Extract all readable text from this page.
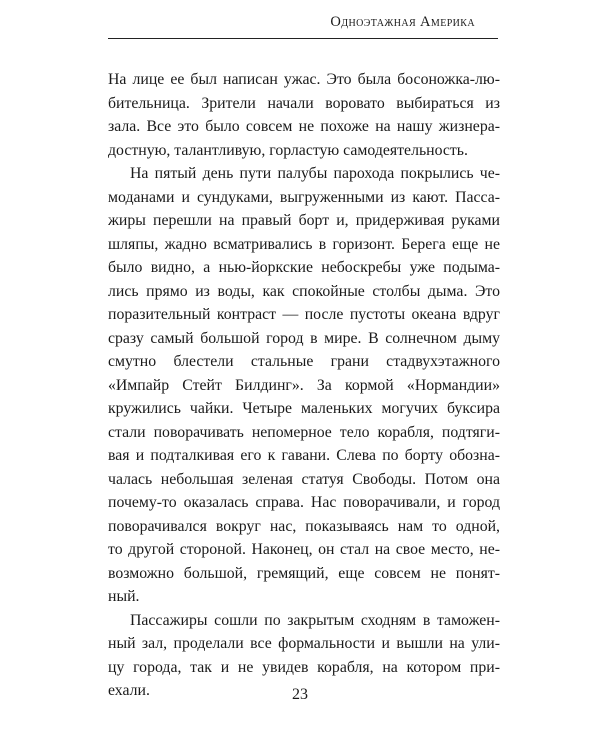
Одноэтажная Америка
На лице ее был написан ужас. Это была босоножка-лю-
бительница. Зрители начали воровато выбираться из
зала. Все это было совсем не похоже на нашу жизнера-
достную, талантливую, горластую самодеятельность.
На пятый день пути палубы парохода покрылись че-
моданами и сундуками, выгруженными из кают. Пасса-
жиры перешли на правый борт и, придерживая руками
шляпы, жадно всматривались в горизонт. Берега еще не
было видно, а нью-йоркские небоскребы уже подыма-
лись прямо из воды, как спокойные столбы дыма. Это
поразительный контраст — после пустоты океана вдруг
сразу самый большой город в мире. В солнечном дыму
смутно блестели стальные грани стадвухэтажного
«Импайр Стейт Билдинг». За кормой «Нормандии»
кружились чайки. Четыре маленьких могучих буксира
стали поворачивать непомерное тело корабля, подтяги-
вая и подталкивая его к гавани. Слева по борту обозна-
чалась небольшая зеленая статуя Свободы. Потом она
почему-то оказалась справа. Нас поворачивали, и город
поворачивался вокруг нас, показываясь нам то одной,
то другой стороной. Наконец, он стал на свое место, не-
возможно большой, гремящий, еще совсем не понят-
ный.
Пассажиры сошли по закрытым сходням в таможен-
ный зал, проделали все формальности и вышли на ули-
цу города, так и не увидев корабля, на котором при-
ехали.	23
